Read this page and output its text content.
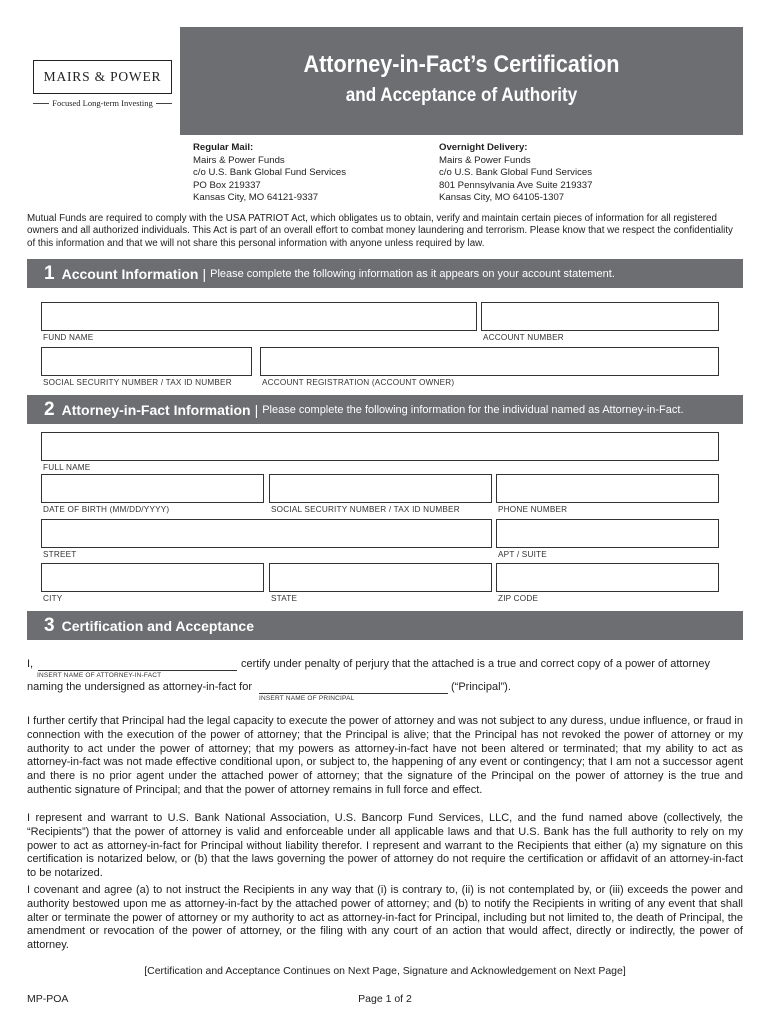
MAIRS & POWER
Focused Long-term Investing
Attorney-in-Fact’s Certification
and Acceptance of Authority
Regular Mail:
Mairs & Power Funds
c/o U.S. Bank Global Fund Services
PO Box 219337
Kansas City, MO 64121-9337
Overnight Delivery:
Mairs & Power Funds
c/o U.S. Bank Global Fund Services
801 Pennsylvania Ave Suite 219337
Kansas City, MO 64105-1307
Mutual Funds are required to comply with the USA PATRIOT Act, which obligates us to obtain, verify and maintain certain pieces of information for all registered owners and all authorized individuals. This Act is part of an overall effort to combat money laundering and terrorism. Please know that we respect the confidentiality of this information and that we will not share this personal information with anyone unless required by law.
1 Account Information | Please complete the following information as it appears on your account statement.
FUND NAME	ACCOUNT NUMBER
SOCIAL SECURITY NUMBER / TAX ID NUMBER	ACCOUNT REGISTRATION (ACCOUNT OWNER)
2 Attorney-in-Fact Information | Please complete the following information for the individual named as Attorney-in-Fact.
FULL NAME
DATE OF BIRTH (MM/DD/YYYY)	SOCIAL SECURITY NUMBER / TAX ID NUMBER	PHONE NUMBER
STREET	APT / SUITE
CITY	STATE	ZIP CODE
3 Certification and Acceptance
I,
INSERT NAME OF ATTORNEY-IN-FACT
certify under penalty of perjury that the attached is a true and correct copy of a power of attorney
naming the undersigned as attorney-in-fact for
INSERT NAME OF PRINCIPAL
(“Principal”).
I further certify that Principal had the legal capacity to execute the power of attorney and was not subject to any duress, undue influence, or fraud in connection with the execution of the power of attorney; that the Principal is alive; that the Principal has not revoked the power of attorney or my authority to act under the power of attorney; that my powers as attorney-in-fact have not been altered or terminated; that my ability to act as attorney-in-fact was not made effective conditional upon, or subject to, the happening of any event or contingency; that I am not a successor agent and there is no prior agent under the attached power of attorney; that the signature of the Principal on the power of attorney is the true and authentic signature of Principal; and that the power of attorney remains in full force and effect.
I represent and warrant to U.S. Bank National Association, U.S. Bancorp Fund Services, LLC, and the fund named above (collectively, the “Recipients”) that the power of attorney is valid and enforceable under all applicable laws and that U.S. Bank has the full authority to rely on my power to act as attorney-in-fact for Principal without liability therefor. I represent and warrant to the Recipients that either (a) my signature on this certification is notarized below, or (b) that the laws governing the power of attorney do not require the certification or affidavit of an attorney-in-fact to be notarized.
I covenant and agree (a) to not instruct the Recipients in any way that (i) is contrary to, (ii) is not contemplated by, or (iii) exceeds the power and authority bestowed upon me as attorney-in-fact by the attached power of attorney; and (b) to notify the Recipients in writing of any event that shall alter or terminate the power of attorney or my authority to act as attorney-in-fact for Principal, including but not limited to, the death of Principal, the amendment or revocation of the power of attorney, or the filing with any court of an action that would affect, directly or indirectly, the power of attorney.
[Certification and Acceptance Continues on Next Page, Signature and Acknowledgement on Next Page]
MP-POA	Page 1 of 2
